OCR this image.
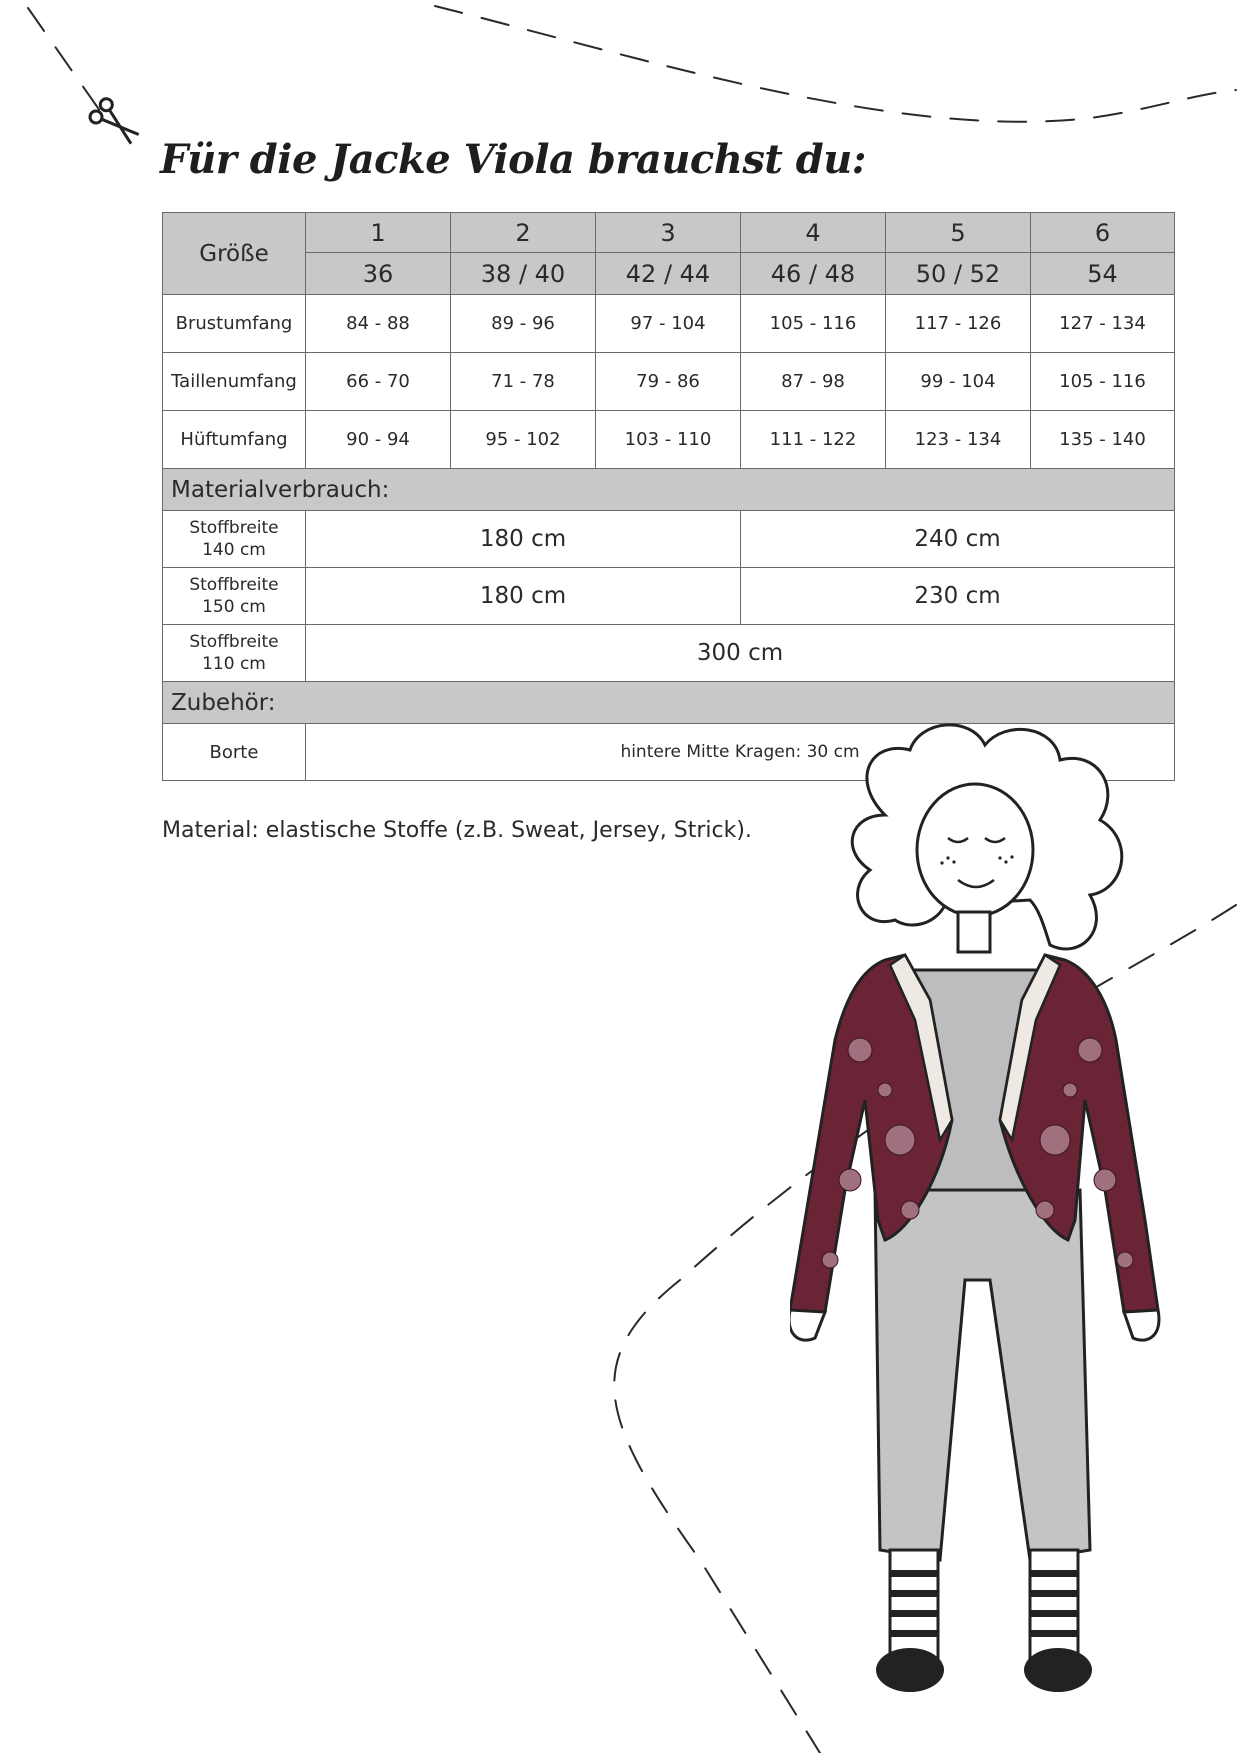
Für die Jacke Viola brauchst du:
Größe	1	2	3	4	5	6
	36	38 / 40	42 / 44	46 / 48	50 / 52	54
Brustumfang	84 - 88	89 - 96	97 - 104	105 - 116	117 - 126	127 - 134
Taillenumfang	66 - 70	71 - 78	79 - 86	87 - 98	99 - 104	105 - 116
Hüftumfang	90 - 94	95 - 102	103 - 110	111 - 122	123 - 134	135 - 140
Materialverbrauch:						
Stoffbreite
140 cm	180 cm			240 cm		
Stoffbreite
150 cm	180 cm			230 cm		
Stoffbreite
110 cm	300 cm					
Zubehör:						
Borte	hintere Mitte Kragen: 30 cm					
Material: elastische Stoffe (z.B. Sweat, Jersey, Strick).
